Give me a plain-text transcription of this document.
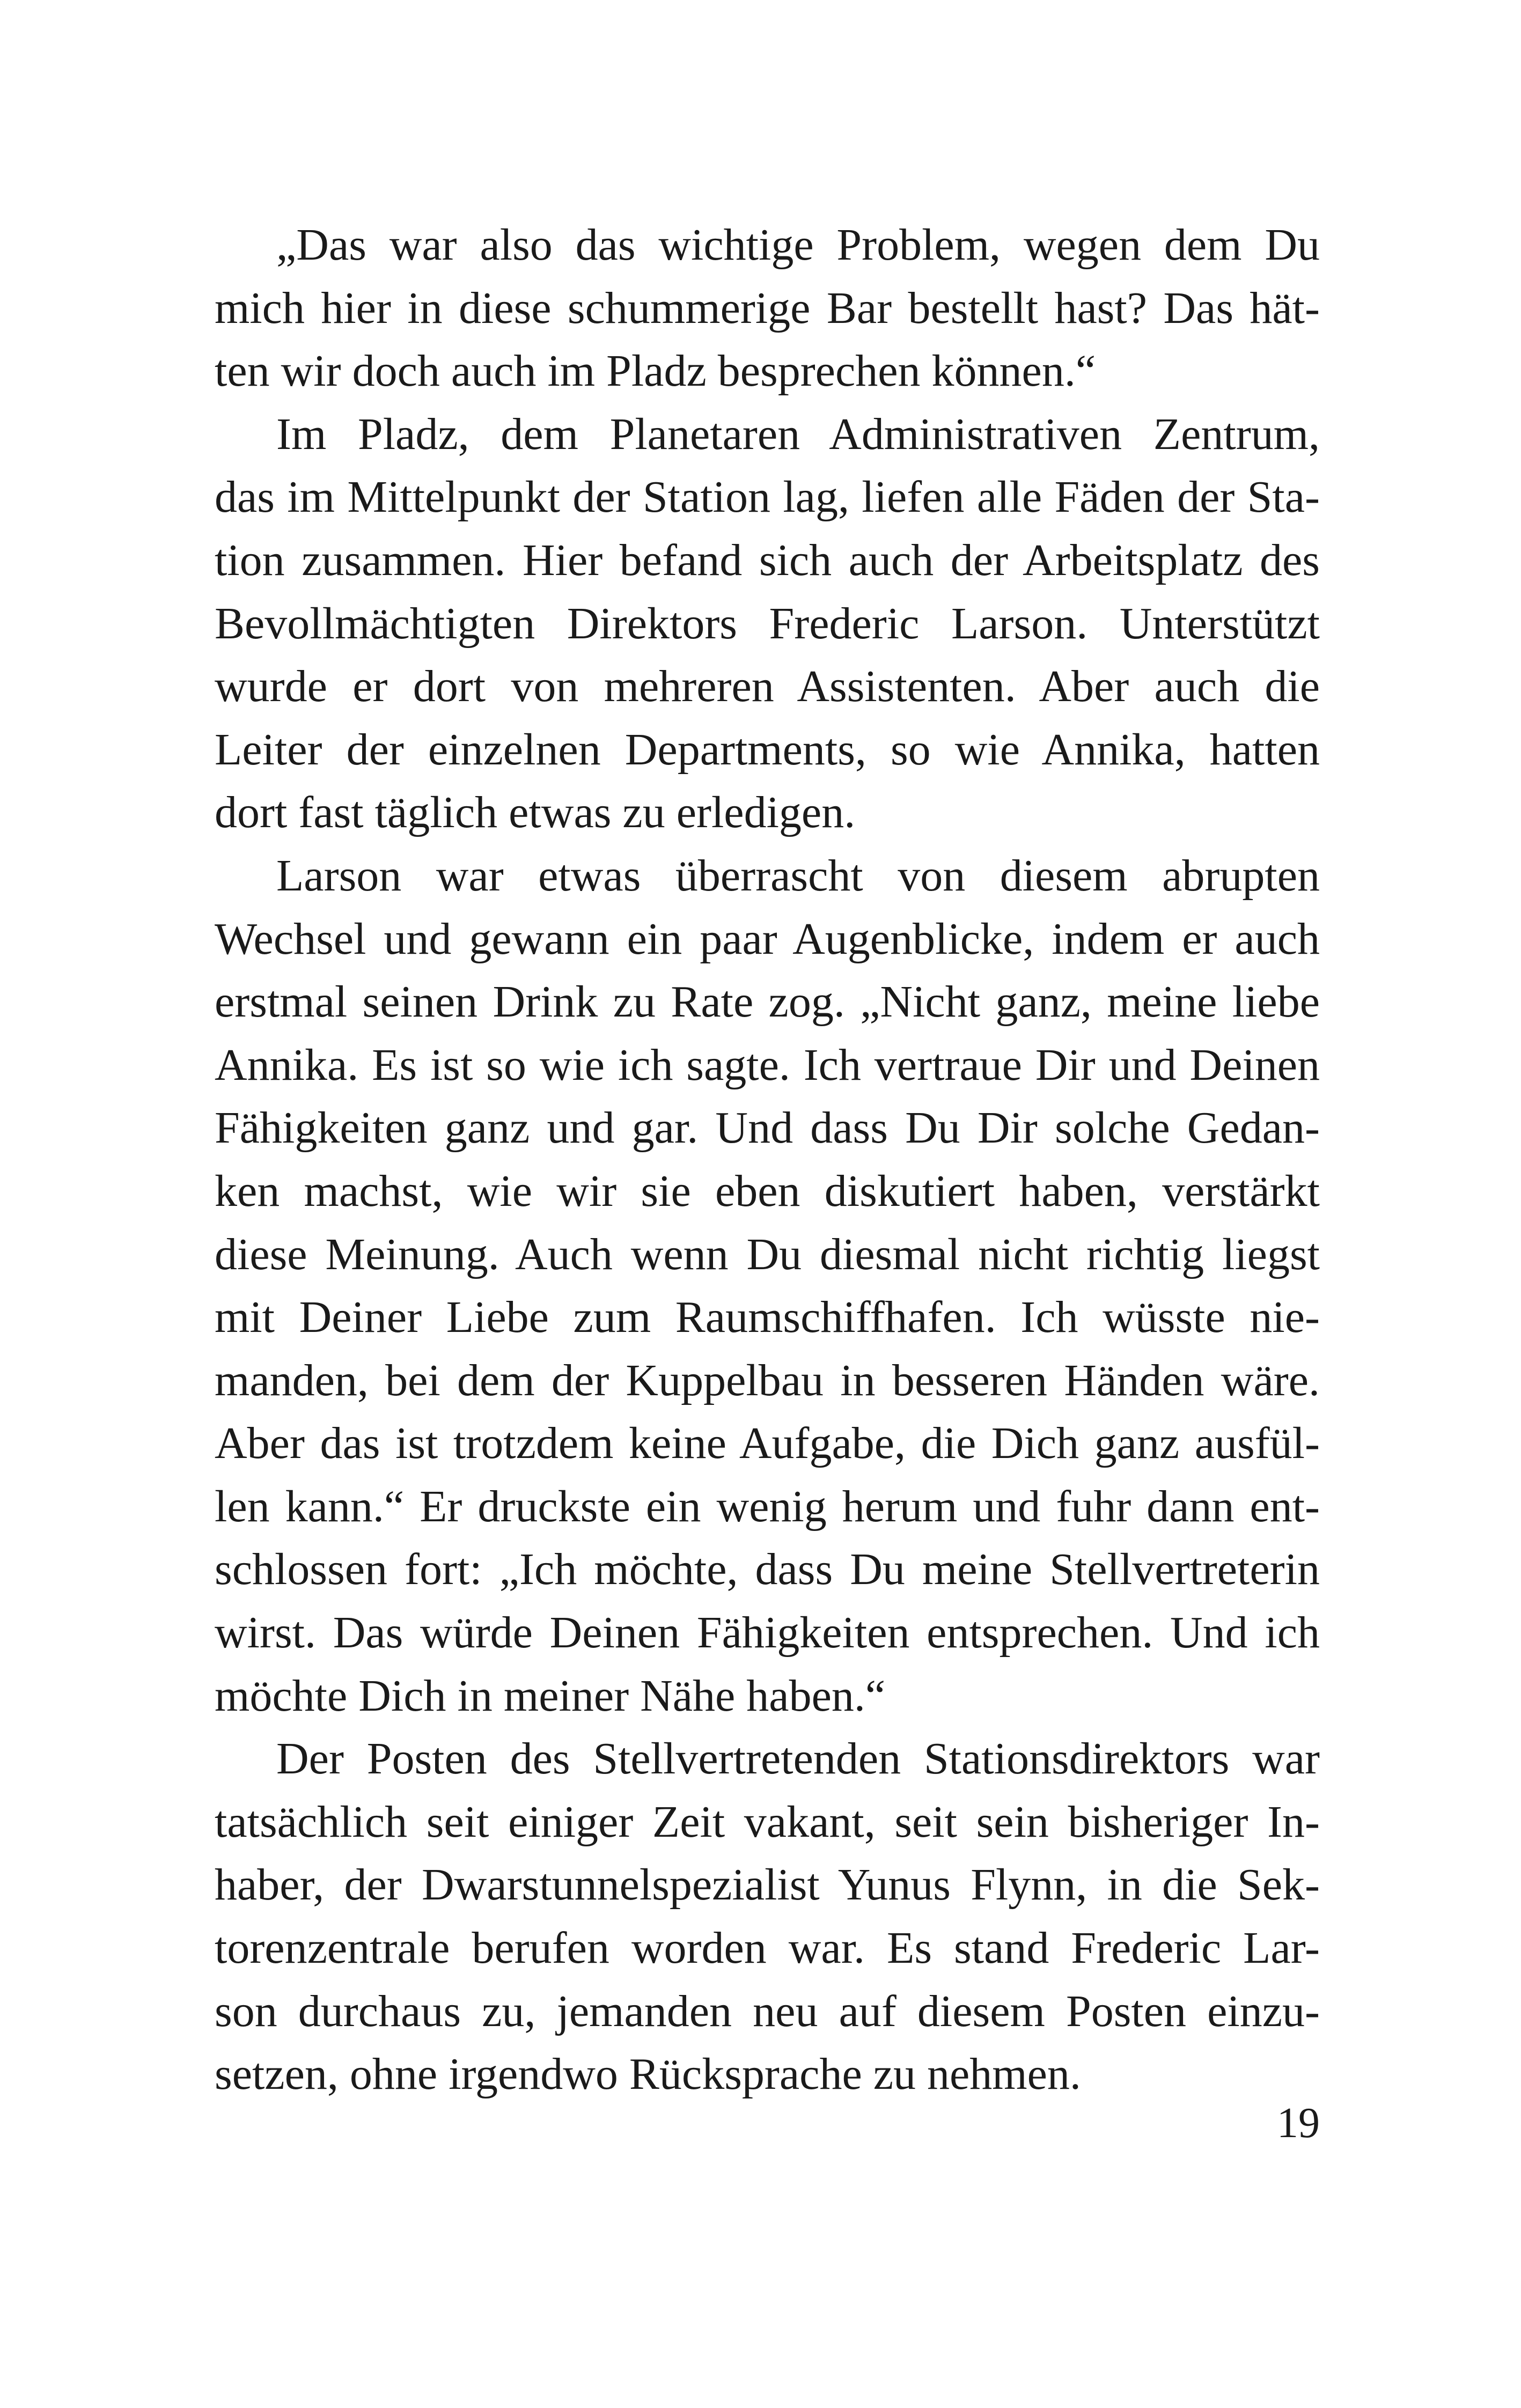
„Das war also das wichtige Problem, wegen dem Du
mich hier in diese schummerige Bar bestellt hast? Das hät-
ten wir doch auch im Pladz besprechen können.“
Im Pladz, dem Planetaren Administrativen Zentrum,
das im Mittelpunkt der Station lag, liefen alle Fäden der Sta-
tion zusammen. Hier befand sich auch der Arbeitsplatz des
Bevollmächtigten Direktors Frederic Larson. Unterstützt
wurde er dort von mehreren Assistenten. Aber auch die
Leiter der einzelnen Departments, so wie Annika, hatten
dort fast täglich etwas zu erledigen.
Larson war etwas überrascht von diesem abrupten
Wechsel und gewann ein paar Augenblicke, indem er auch
erstmal seinen Drink zu Rate zog. „Nicht ganz, meine liebe
Annika. Es ist so wie ich sagte. Ich vertraue Dir und Deinen
Fähigkeiten ganz und gar. Und dass Du Dir solche Gedan-
ken machst, wie wir sie eben diskutiert haben, verstärkt
diese Meinung. Auch wenn Du diesmal nicht richtig liegst
mit Deiner Liebe zum Raumschiffhafen. Ich wüsste nie-
manden, bei dem der Kuppelbau in besseren Händen wäre.
Aber das ist trotzdem keine Aufgabe, die Dich ganz ausfül-
len kann.“ Er druckste ein wenig herum und fuhr dann ent-
schlossen fort: „Ich möchte, dass Du meine Stellvertreterin
wirst. Das würde Deinen Fähigkeiten entsprechen. Und ich
möchte Dich in meiner Nähe haben.“
Der Posten des Stellvertretenden Stationsdirektors war
tatsächlich seit einiger Zeit vakant, seit sein bisheriger In-
haber, der Dwarstunnelspezialist Yunus Flynn, in die Sek-
torenzentrale berufen worden war. Es stand Frederic Lar-
son durchaus zu, jemanden neu auf diesem Posten einzu-
setzen, ohne irgendwo Rücksprache zu nehmen.
19
